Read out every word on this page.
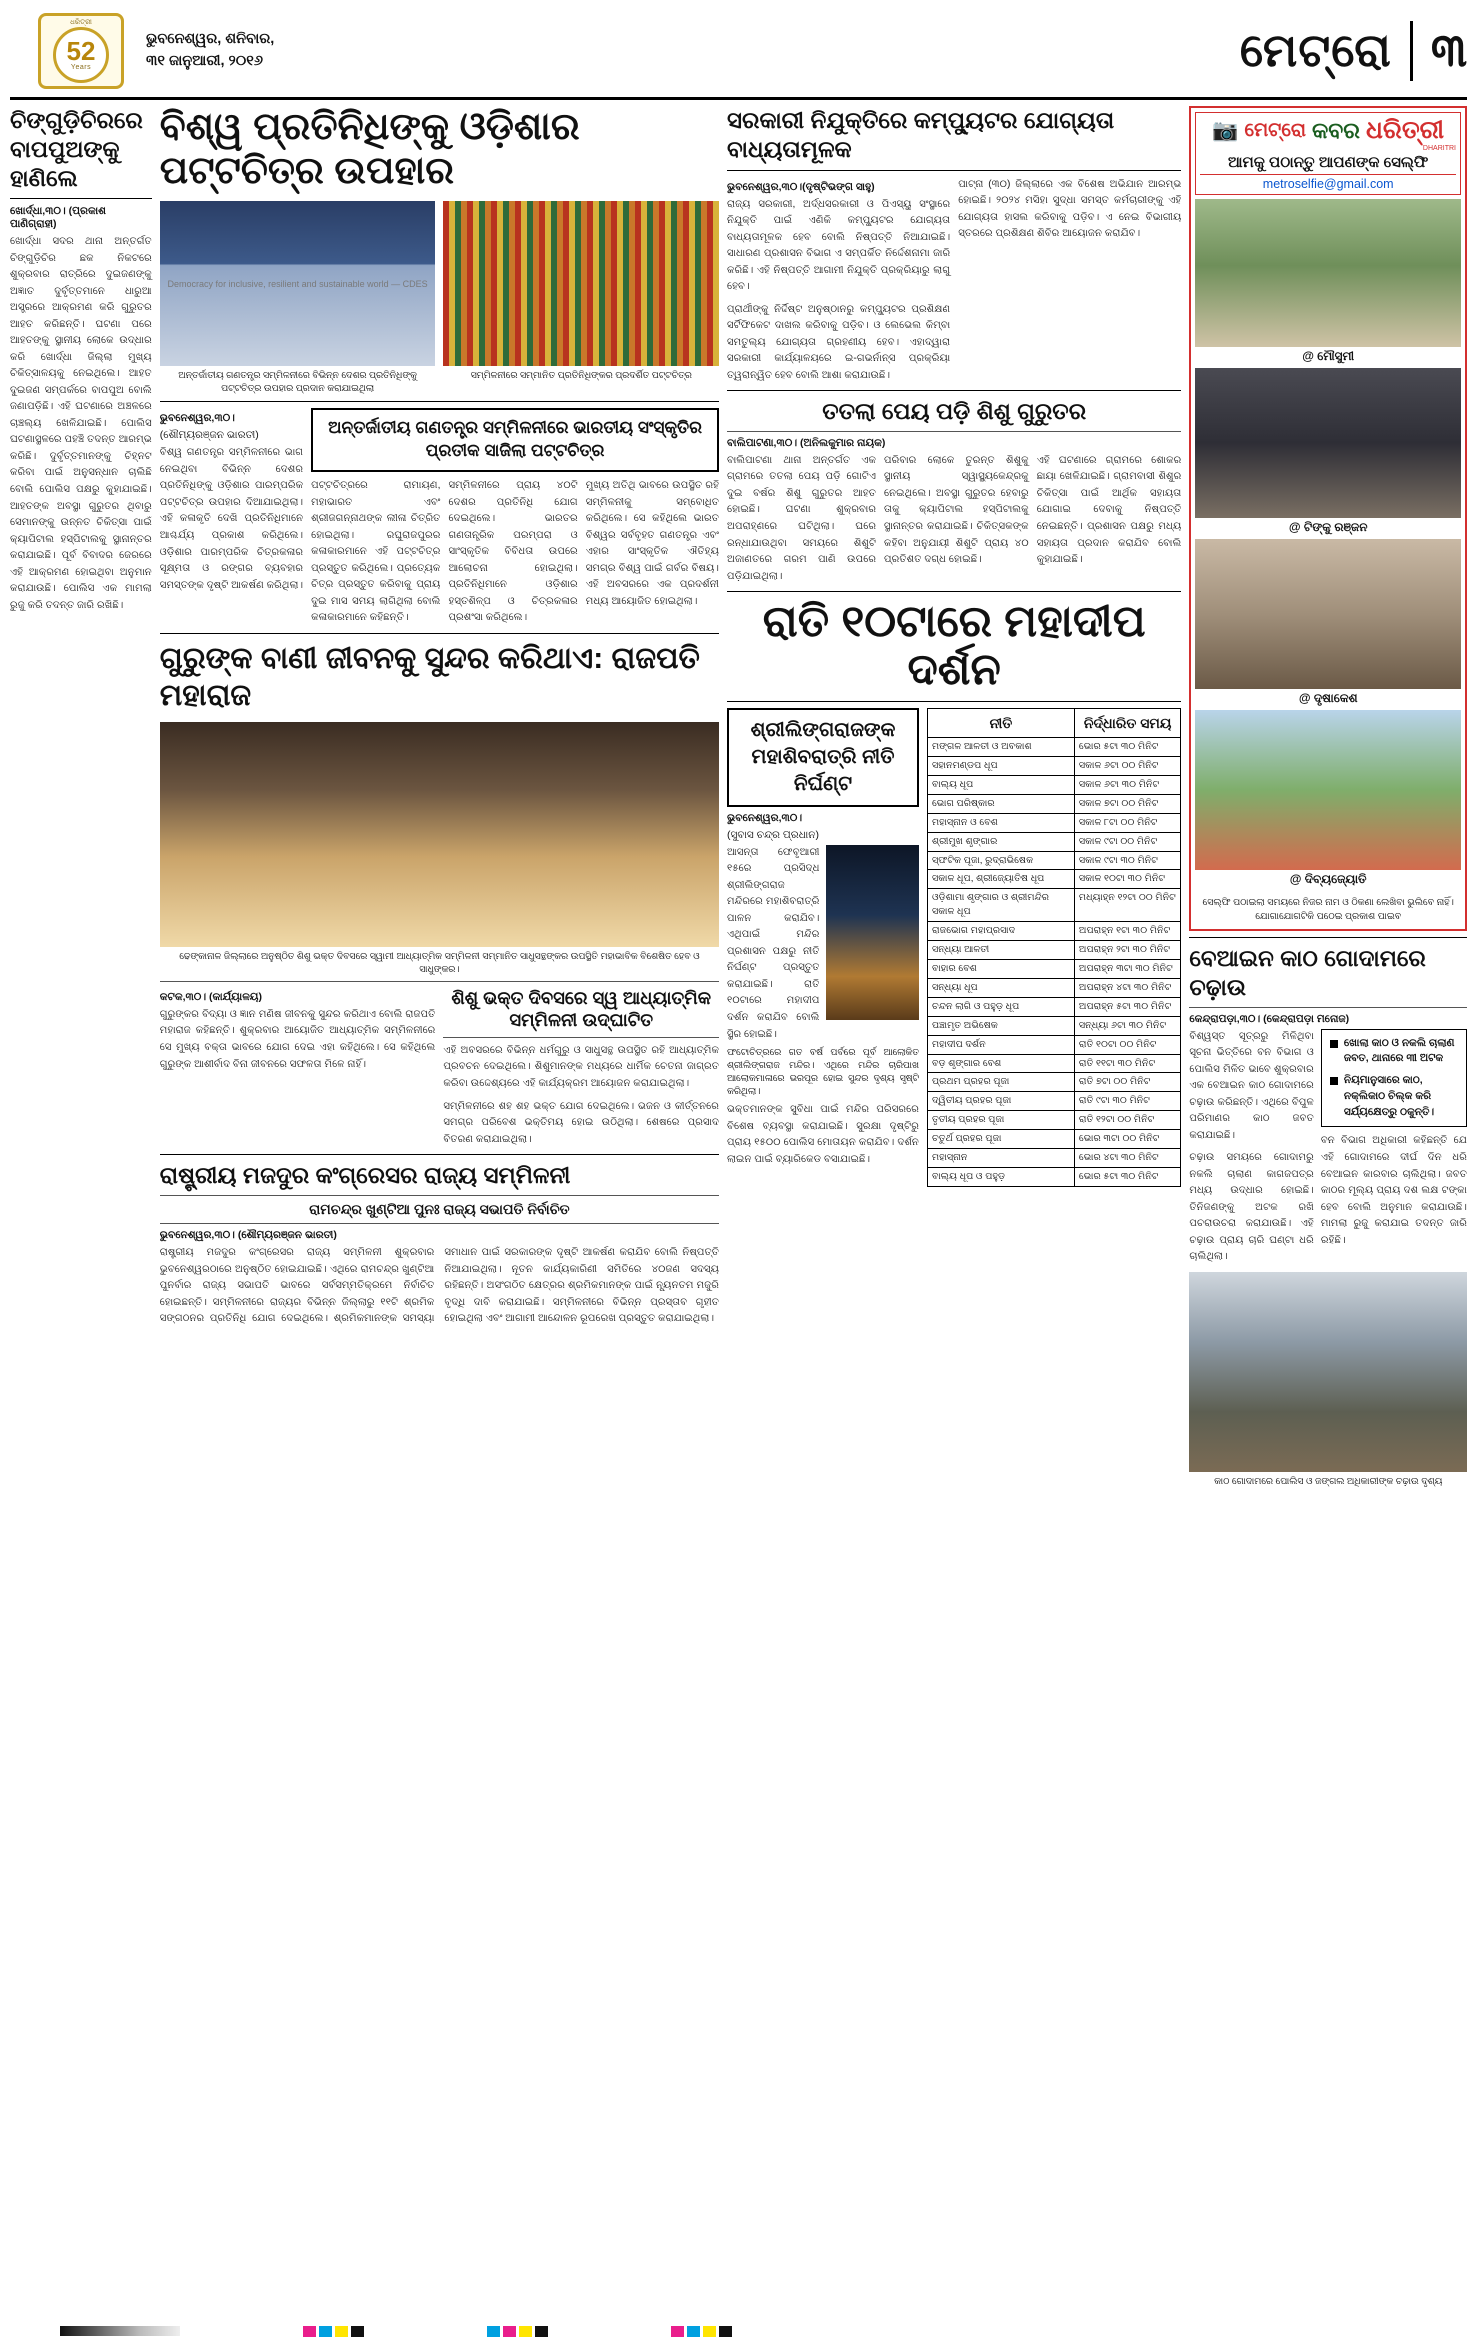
ଧରିତ୍ରୀ
52
Years
ଭୁବନେଶ୍ୱର, ଶନିବାର,
୩୧ ଜାନୁଆରୀ, ୨୦୧୬	ମେଟ୍ରୋ ୩
ଚିଙ୍ଗୁଡ଼ିଚିରରେ ବାପପୁଅଙ୍କୁ ହାଣିଲେ
ଖୋର୍ଦ୍ଧା,୩୦। (ପ୍ରକାଶ ପାଣିଗ୍ରାହୀ)
ଖୋର୍ଦ୍ଧା ସଦର ଥାନା ଅନ୍ତର୍ଗତ ଚିଙ୍ଗୁଡ଼ିଚିର ଛକ ନିକଟରେ ଶୁକ୍ରବାର ରାତ୍ରିରେ ଦୁଇଜଣଙ୍କୁ ଅଜ୍ଞାତ ଦୁର୍ବୃତ୍ତମାନେ ଧାରୁଆ ଅସ୍ତ୍ରରେ ଆକ୍ରମଣ କରି ଗୁରୁତର ଆହତ କରିଛନ୍ତି। ଘଟଣା ପରେ ଆହତଙ୍କୁ ସ୍ଥାନୀୟ ଲୋକେ ଉଦ୍ଧାର କରି ଖୋର୍ଦ୍ଧା ଜିଲ୍ଲା ମୁଖ୍ୟ ଚିକିତ୍ସାଳୟକୁ ନେଇଥିଲେ। ଆହତ ଦୁଇଜଣ ସମ୍ପର୍କରେ ବାପପୁଅ ବୋଲି ଜଣାପଡ଼ିଛି। ଏହି ଘଟଣାରେ ଅଞ୍ଚଳରେ ଚାଞ୍ଚଲ୍ୟ ଖେଳିଯାଇଛି। ପୋଲିସ ଘଟଣାସ୍ଥଳରେ ପହଞ୍ଚି ତଦନ୍ତ ଆରମ୍ଭ କରିଛି। ଦୁର୍ବୃତ୍ତମାନଙ୍କୁ ଚିହ୍ନଟ କରିବା ପାଇଁ ଅନୁସନ୍ଧାନ ଚାଲିଛି ବୋଲି ପୋଲିସ ପକ୍ଷରୁ କୁହାଯାଇଛି। ଆହତଙ୍କ ଅବସ୍ଥା ଗୁରୁତର ଥିବାରୁ ସେମାନଙ୍କୁ ଉନ୍ନତ ଚିକିତ୍ସା ପାଇଁ କ୍ୟାପିଟାଲ ହସ୍ପିଟାଲକୁ ସ୍ଥାନାନ୍ତର କରାଯାଇଛି। ପୂର୍ବ ବିବାଦର ଜେରରେ ଏହି ଆକ୍ରମଣ ହୋଇଥିବା ଅନୁମାନ କରାଯାଉଛି। ପୋଲିସ ଏକ ମାମଲା ରୁଜୁ କରି ତଦନ୍ତ ଜାରି ରଖିଛି।
ବିଶ୍ୱ ପ୍ରତିନିଧିଙ୍କୁ ଓଡ଼ିଶାର ପଟ୍ଟଚିତ୍ର ଉପହାର
Democracy for inclusive, resilient and sustainable world — CDES
ଅନ୍ତର୍ଜାତୀୟ ଗଣତନ୍ତ୍ର ସମ୍ମିଳନୀରେ ବିଭିନ୍ନ ଦେଶର ପ୍ରତିନିଧିଙ୍କୁ ପଟ୍ଟଚିତ୍ର ଉପହାର ପ୍ରଦାନ କରାଯାଇଥିଲା
ସମ୍ମିଳନୀରେ ସମ୍ମାନିତ ପ୍ରତିନିଧିଙ୍କର ପ୍ରଦର୍ଶିତ ପଟ୍ଟଚିତ୍ର
ଭୁବନେଶ୍ୱର,୩୦।
(ଶୌମ୍ୟରଞ୍ଜନ ଭାରତୀ)
ବିଶ୍ୱ ଗଣତନ୍ତ୍ର ସମ୍ମିଳନୀରେ ଭାଗ ନେଇଥିବା ବିଭିନ୍ନ ଦେଶର ପ୍ରତିନିଧିଙ୍କୁ ଓଡ଼ିଶାର ପାରମ୍ପରିକ ପଟ୍ଟଚିତ୍ର ଉପହାର ଦିଆଯାଇଥିଲା। ଏହି କଳାକୃତି ଦେଖି ପ୍ରତିନିଧିମାନେ ଆଶ୍ଚର୍ଯ୍ୟ ପ୍ରକାଶ କରିଥିଲେ। ଓଡ଼ିଶାର ପାରମ୍ପରିକ ଚିତ୍ରକଳାର ସୂକ୍ଷ୍ମତା ଓ ରଙ୍ଗର ବ୍ୟବହାର ସମସ୍ତଙ୍କ ଦୃଷ୍ଟି ଆକର୍ଷଣ କରିଥିଲା।
ଅନ୍ତର୍ଜାତୀୟ ଗଣତନ୍ତ୍ର ସମ୍ମିଳନୀରେ ଭାରତୀୟ ସଂସ୍କୃତିର ପ୍ରତୀକ ସାଜିଲା ପଟ୍ଟଚିତ୍ର
ପଟ୍ଟଚିତ୍ରରେ ରାମାୟଣ, ମହାଭାରତ ଏବଂ ଶ୍ରୀଜଗନ୍ନାଥଙ୍କ ଲୀଳା ଚିତ୍ରିତ ହୋଇଥିଲା। ରଘୁରାଜପୁରର କଳାକାରମାନେ ଏହି ପଟ୍ଟଚିତ୍ର ପ୍ରସ୍ତୁତ କରିଥିଲେ। ପ୍ରତ୍ୟେକ ଚିତ୍ର ପ୍ରସ୍ତୁତ କରିବାକୁ ପ୍ରାୟ ଦୁଇ ମାସ ସମୟ ଲାଗିଥିଲା ବୋଲି କଳାକାରମାନେ କହିଛନ୍ତି।
ସମ୍ମିଳନୀରେ ପ୍ରାୟ ୪୦ଟି ଦେଶର ପ୍ରତିନିଧି ଯୋଗ ଦେଇଥିଲେ। ଭାରତର ଗଣତାନ୍ତ୍ରିକ ପରମ୍ପରା ଓ ସାଂସ୍କୃତିକ ବିବିଧତା ଉପରେ ଆଲୋଚନା ହୋଇଥିଲା। ପ୍ରତିନିଧିମାନେ ଓଡ଼ିଶାର ହସ୍ତଶିଳ୍ପ ଓ ଚିତ୍ରକଳାର ପ୍ରଶଂସା କରିଥିଲେ।
ମୁଖ୍ୟ ଅତିଥି ଭାବରେ ଉପସ୍ଥିତ ରହି ସମ୍ମିଳନୀକୁ ସମ୍ବୋଧିତ କରିଥିଲେ। ସେ କହିଥିଲେ ଭାରତ ବିଶ୍ୱର ସର୍ବବୃହତ ଗଣତନ୍ତ୍ର ଏବଂ ଏହାର ସାଂସ୍କୃତିକ ଐତିହ୍ୟ ସମଗ୍ର ବିଶ୍ୱ ପାଇଁ ଗର୍ବର ବିଷୟ। ଏହି ଅବସରରେ ଏକ ପ୍ରଦର୍ଶନୀ ମଧ୍ୟ ଆୟୋଜିତ ହୋଇଥିଲା।
ଗୁରୁଙ୍କ ବାଣୀ ଜୀବନକୁ ସୁନ୍ଦର କରିଥାଏ: ରାଜପତି ମହାରାଜ
ଢେଙ୍କାନାଳ ଜିଲ୍ଲାରେ ଅନୁଷ୍ଠିତ ଶିଶୁ ଭକ୍ତ ଦିବସରେ ସ୍ୱାମୀ ଆଧ୍ୟାତ୍ମିକ ସମ୍ମିଳନୀ ସମ୍ମାନିତ ସାଧୁସନ୍ଥଙ୍କର ଉପସ୍ଥିତି ମହାଭାବିକ ବିଶେଷିତ ହେବ ଓ ସାଧୁଙ୍କର।
କଟକ,୩୦। (କାର୍ଯ୍ୟାଳୟ)
ଗୁରୁଙ୍କର ବିଦ୍ୟା ଓ ଜ୍ଞାନ ମଣିଷ ଜୀବନକୁ ସୁନ୍ଦର କରିଥାଏ ବୋଲି ରାଜପତି ମହାରାଜ କହିଛନ୍ତି। ଶୁକ୍ରବାର ଆୟୋଜିତ ଆଧ୍ୟାତ୍ମିକ ସମ୍ମିଳନୀରେ ସେ ମୁଖ୍ୟ ବକ୍ତା ଭାବରେ ଯୋଗ ଦେଇ ଏହା କହିଥିଲେ। ସେ କହିଥିଲେ ଗୁରୁଙ୍କ ଆଶୀର୍ବାଦ ବିନା ଜୀବନରେ ସଫଳତା ମିଳେ ନାହିଁ।
ଶିଶୁ ଭକ୍ତ ଦିବସରେ ସ୍ୱ ଆଧ୍ୟାତ୍ମିକ ସମ୍ମିଳନୀ ଉଦ୍‌ଘାଟିତ
ଏହି ଅବସରରେ ବିଭିନ୍ନ ଧର୍ମଗୁରୁ ଓ ସାଧୁସନ୍ଥ ଉପସ୍ଥିତ ରହି ଆଧ୍ୟାତ୍ମିକ ପ୍ରବଚନ ଦେଇଥିଲେ। ଶିଶୁମାନଙ୍କ ମଧ୍ୟରେ ଧାର୍ମିକ ଚେତନା ଜାଗ୍ରତ କରିବା ଉଦ୍ଦେଶ୍ୟରେ ଏହି କାର୍ଯ୍ୟକ୍ରମ ଆୟୋଜନ କରାଯାଇଥିଲା।
ସମ୍ମିଳନୀରେ ଶହ ଶହ ଭକ୍ତ ଯୋଗ ଦେଇଥିଲେ। ଭଜନ ଓ କୀର୍ତ୍ତନରେ ସମଗ୍ର ପରିବେଶ ଭକ୍ତିମୟ ହୋଇ ଉଠିଥିଲା। ଶେଷରେ ପ୍ରସାଦ ବିତରଣ କରାଯାଇଥିଲା।
ରାଷ୍ଟ୍ରୀୟ ମଜଦୁର କଂଗ୍ରେସର ରାଜ୍ୟ ସମ୍ମିଳନୀ
ରାମଚନ୍ଦ୍ର ଖୁଣ୍ଟିଆ ପୁନଃ ରାଜ୍ୟ ସଭାପତି ନିର୍ବାଚିତ
ଭୁବନେଶ୍ୱର,୩୦। (ଶୌମ୍ୟରଞ୍ଜନ ଭାରତୀ)
ରାଷ୍ଟ୍ରୀୟ ମଜଦୁର କଂଗ୍ରେସର ରାଜ୍ୟ ସମ୍ମିଳନୀ ଶୁକ୍ରବାର ଭୁବନେଶ୍ୱରଠାରେ ଅନୁଷ୍ଠିତ ହୋଇଯାଇଛି। ଏଥିରେ ରାମଚନ୍ଦ୍ର ଖୁଣ୍ଟିଆ ପୁନର୍ବାର ରାଜ୍ୟ ସଭାପତି ଭାବରେ ସର୍ବସମ୍ମତିକ୍ରମେ ନିର୍ବାଚିତ ହୋଇଛନ୍ତି। ସମ୍ମିଳନୀରେ ରାଜ୍ୟର ବିଭିନ୍ନ ଜିଲ୍ଲାରୁ ୧୧ଟି ଶ୍ରମିକ ସଙ୍ଗଠନର ପ୍ରତିନିଧି ଯୋଗ ଦେଇଥିଲେ। ଶ୍ରମିକମାନଙ୍କ ସମସ୍ୟା ସମାଧାନ ପାଇଁ ସରକାରଙ୍କ ଦୃଷ୍ଟି ଆକର୍ଷଣ କରାଯିବ ବୋଲି ନିଷ୍ପତ୍ତି ନିଆଯାଇଥିଲା। ନୂତନ କାର୍ଯ୍ୟକାରିଣୀ ସମିତିରେ ୪୦ଜଣ ସଦସ୍ୟ ରହିଛନ୍ତି। ଅସଂଗଠିତ କ୍ଷେତ୍ରର ଶ୍ରମିକମାନଙ୍କ ପାଇଁ ନ୍ୟୂନତମ ମଜୁରି ବୃଦ୍ଧି ଦାବି କରାଯାଇଛି। ସମ୍ମିଳନୀରେ ବିଭିନ୍ନ ପ୍ରସ୍ତାବ ଗୃହୀତ ହୋଇଥିଲା ଏବଂ ଆଗାମୀ ଆନ୍ଦୋଳନ ରୂପରେଖ ପ୍ରସ୍ତୁତ କରାଯାଇଥିଲା।
ସରକାରୀ ନିଯୁକ୍ତିରେ କମ୍ପ୍ୟୁଟର ଯୋଗ୍ୟତା ବାଧ୍ୟତାମୂଳକ
ଭୁବନେଶ୍ୱର,୩୦।(ଦୃଷ୍ଟିଭଙ୍ଗ ସାହୁ)
ରାଜ୍ୟ ସରକାରୀ, ଅର୍ଦ୍ଧସରକାରୀ ଓ ପିଏସ୍‌ୟୁ ସଂସ୍ଥାରେ ନିଯୁକ୍ତି ପାଇଁ ଏଣିକି କମ୍ପ୍ୟୁଟର ଯୋଗ୍ୟତା ବାଧ୍ୟତାମୂଳକ ହେବ ବୋଲି ନିଷ୍ପତ୍ତି ନିଆଯାଇଛି। ସାଧାରଣ ପ୍ରଶାସନ ବିଭାଗ ଏ ସମ୍ପର୍କିତ ନିର୍ଦ୍ଦେଶନାମା ଜାରି କରିଛି। ଏହି ନିଷ୍ପତ୍ତି ଆଗାମୀ ନିଯୁକ୍ତି ପ୍ରକ୍ରିୟାରୁ ଲାଗୁ ହେବ।
ପ୍ରାର୍ଥୀଙ୍କୁ ନିର୍ଦ୍ଦିଷ୍ଟ ଅନୁଷ୍ଠାନରୁ କମ୍ପ୍ୟୁଟର ପ୍ରଶିକ୍ଷଣ ସର୍ଟିଫିକେଟ ଦାଖଲ କରିବାକୁ ପଡ଼ିବ। ଓ ଲେଭେଲ କିମ୍ବା ସମତୁଲ୍ୟ ଯୋଗ୍ୟତା ଗ୍ରହଣୀୟ ହେବ। ଏହାଦ୍ୱାରା ସରକାରୀ କାର୍ଯ୍ୟାଳୟରେ ଇ-ଗଭର୍ନାନ୍ସ ପ୍ରକ୍ରିୟା ତ୍ୱରାନ୍ୱିତ ହେବ ବୋଲି ଆଶା କରାଯାଉଛି।
ପାଟ୍‌ନା (୩୦) ଜିଲ୍ଲାରେ ଏକ ବିଶେଷ ଅଭିଯାନ ଆରମ୍ଭ ହୋଇଛି। ୨୦୨୪ ମସିହା ସୁଦ୍ଧା ସମସ୍ତ କର୍ମଚାରୀଙ୍କୁ ଏହି ଯୋଗ୍ୟତା ହାସଲ କରିବାକୁ ପଡ଼ିବ। ଏ ନେଇ ବିଭାଗୀୟ ସ୍ତରରେ ପ୍ରଶିକ୍ଷଣ ଶିବିର ଆୟୋଜନ କରାଯିବ।
ତତଲା ପେୟ ପଡ଼ି ଶିଶୁ ଗୁରୁତର
ବାଲିପାଟଣା,୩୦। (ଅନିଲକୁମାର ନାୟକ)
ବାଲିପାଟଣା ଥାନା ଅନ୍ତର୍ଗତ ଏକ ଗ୍ରାମରେ ତତଲା ପେୟ ପଡ଼ି ଗୋଟିଏ ଦୁଇ ବର୍ଷର ଶିଶୁ ଗୁରୁତର ଆହତ ହୋଇଛି। ଘଟଣା ଶୁକ୍ରବାର ଅପରାହ୍ଣରେ ଘଟିଥିଲା। ଘରେ ରନ୍ଧାଯାଉଥିବା ସମୟରେ ଶିଶୁଟି ଅଜାଣତରେ ଗରମ ପାଣି ଉପରେ ପଡ଼ିଯାଇଥିଲା।
ପରିବାର ଲୋକେ ତୁରନ୍ତ ଶିଶୁକୁ ସ୍ଥାନୀୟ ସ୍ୱାସ୍ଥ୍ୟକେନ୍ଦ୍ରକୁ ନେଇଥିଲେ। ଅବସ୍ଥା ଗୁରୁତର ହେବାରୁ ତାକୁ କ୍ୟାପିଟାଲ ହସ୍ପିଟାଲକୁ ସ୍ଥାନାନ୍ତର କରାଯାଇଛି। ଚିକିତ୍ସକଙ୍କ କହିବା ଅନୁଯାୟୀ ଶିଶୁଟି ପ୍ରାୟ ୪୦ ପ୍ରତିଶତ ଦଗ୍ଧ ହୋଇଛି।
ଏହି ଘଟଣାରେ ଗ୍ରାମରେ ଶୋକର ଛାୟା ଖେଳିଯାଇଛି। ଗ୍ରାମବାସୀ ଶିଶୁର ଚିକିତ୍ସା ପାଇଁ ଆର୍ଥିକ ସହାୟତା ଯୋଗାଇ ଦେବାକୁ ନିଷ୍ପତ୍ତି ନେଇଛନ୍ତି। ପ୍ରଶାସନ ପକ୍ଷରୁ ମଧ୍ୟ ସହାୟତା ପ୍ରଦାନ କରାଯିବ ବୋଲି କୁହାଯାଇଛି।
ରାତି ୧୦ଟାରେ ମହାଦୀପ ଦର୍ଶନ
ଶ୍ରୀଲିଙ୍ଗରାଜଙ୍କ ମହାଶିବରାତ୍ରି ନୀତି ନିର୍ଘଣ୍ଟ
ଭୁବନେଶ୍ୱର,୩୦।
(ସୁବାସ ଚନ୍ଦ୍ର ପ୍ରଧାନ)
ଆସନ୍ତା ଫେବୃଆରୀ ୧୫ରେ ପ୍ରସିଦ୍ଧ ଶ୍ରୀଲିଙ୍ଗରାଜ ମନ୍ଦିରରେ ମହାଶିବରାତ୍ରି ପାଳନ କରାଯିବ। ଏଥିପାଇଁ ମନ୍ଦିର ପ୍ରଶାସନ ପକ୍ଷରୁ ନୀତି ନିର୍ଘଣ୍ଟ ପ୍ରସ୍ତୁତ କରାଯାଇଛି। ରାତି ୧୦ଟାରେ ମହାଦୀପ ଦର୍ଶନ କରାଯିବ ବୋଲି ସ୍ଥିର ହୋଇଛି।
ଫଟୋଚିତ୍ରରେ ଗତ ବର୍ଷ ପର୍ବରେ ପୂର୍ବ ଆଲୋକିତ ଶ୍ରୀଲିଙ୍ଗରାଜ ମନ୍ଦିର। ଏଥିରେ ମନ୍ଦିର ଚାରିପାଖ ଆଲୋକମାଳାରେ ଭରପୂର ହୋଇ ସୁନ୍ଦର ଦୃଶ୍ୟ ସୃଷ୍ଟି କରିଥିଲା।
ଭକ୍ତମାନଙ୍କ ସୁବିଧା ପାଇଁ ମନ୍ଦିର ପରିସରରେ ବିଶେଷ ବ୍ୟବସ୍ଥା କରାଯାଇଛି। ସୁରକ୍ଷା ଦୃଷ୍ଟିରୁ ପ୍ରାୟ ୧୫୦୦ ପୋଲିସ ମୋତାୟନ କରାଯିବ। ଦର୍ଶନ ଲାଇନ ପାଇଁ ବ୍ୟାରିକେଡ ବସାଯାଇଛି।
ନୀତି	ନିର୍ଦ୍ଧାରିତ ସମୟ
ମଙ୍ଗଳ ଆଳତୀ ଓ ଅବକାଶ	ଭୋର ୫ଟା ୩୦ ମିନିଟ
ସହାନମଣ୍ଡପ ଧୂପ	ସକାଳ ୬ଟା ୦୦ ମିନିଟ
ବାଲ୍ୟ ଧୂପ	ସକାଳ ୬ଟା ୩୦ ମିନିଟ
ଭୋଗ ପରିଷ୍କାର	ସକାଳ ୭ଟା ୦୦ ମିନିଟ
ମହାସ୍ନାନ ଓ ବେଶ	ସକାଳ ୮ଟା ୦୦ ମିନିଟ
ଶ୍ରୀମୁଖ ଶୃଙ୍ଗାର	ସକାଳ ୯ଟା ୦୦ ମିନିଟ
ସ୍ଫଟିକ ପୂଜା, ରୁଦ୍ରାଭିଷେକ	ସକାଳ ୯ଟା ୩୦ ମିନିଟ
ସକାଳ ଧୂପ, ଶ୍ରୀଜ୍ୟୋତିଷ ଧୂପ	ସକାଳ ୧୦ଟା ୩୦ ମିନିଟ
ଓଡ଼ିଶାମା ଶୃଙ୍ଗାର ଓ ଶ୍ରୀମନ୍ଦିର ସକାଳ ଧୂପ	ମଧ୍ୟାହ୍ନ ୧୨ଟା ୦୦ ମିନିଟ
ରାଜଭୋଗ ମହାପ୍ରସାଦ	ଅପରାହ୍ନ ୧ଟା ୩୦ ମିନିଟ
ସନ୍ଧ୍ୟା ଆଳତୀ	ଅପରାହ୍ନ ୨ଟା ୩୦ ମିନିଟ
ବାହାର ବେଶ	ଅପରାହ୍ନ ୩ଟା ୩୦ ମିନିଟ
ସନ୍ଧ୍ୟା ଧୂପ	ଅପରାହ୍ନ ୪ଟା ୩୦ ମିନିଟ
ଚନ୍ଦନ ଲାଗି ଓ ପହୁଡ଼ ଧୂପ	ଅପରାହ୍ନ ୫ଟା ୩୦ ମିନିଟ
ପଞ୍ଚାମୃତ ଅଭିଷେକ	ସନ୍ଧ୍ୟା ୬ଟା ୩୦ ମିନିଟ
ମହାଦୀପ ଦର୍ଶନ	ରାତି ୧୦ଟା ୦୦ ମିନିଟ
ବଡ଼ ଶୃଙ୍ଗାର ବେଶ	ରାତି ୧୧ଟା ୩୦ ମିନିଟ
ପ୍ରଥମ ପ୍ରହର ପୂଜା	ରାତି ୭ଟା ୦୦ ମିନିଟ
ଦ୍ୱିତୀୟ ପ୍ରହର ପୂଜା	ରାତି ୯ଟା ୩୦ ମିନିଟ
ତୃତୀୟ ପ୍ରହର ପୂଜା	ରାତି ୧୨ଟା ୦୦ ମିନିଟ
ଚତୁର୍ଥ ପ୍ରହର ପୂଜା	ଭୋର ୩ଟା ୦୦ ମିନିଟ
ମହାସ୍ନାନ	ଭୋର ୪ଟା ୩୦ ମିନିଟ
ବାଲ୍ୟ ଧୂପ ଓ ପହୁଡ଼	ଭୋର ୫ଟା ୩୦ ମିନିଟ
📷 ମେଟ୍ରୋ କବର ଧରିତ୍ରୀ
DHARITRI
ଆମକୁ ପଠାନ୍ତୁ ଆପଣଙ୍କ ସେଲ୍‌ଫି
metroselfie@gmail.com
@ ମୌସୁମୀ
@ ଟିଙ୍କୁ ରଞ୍ଜନ
@ ଦୃଷାକେଶ
@ ଦିବ୍ୟଜ୍ୟୋତି
ସେଲ୍‌ଫି ପଠାଇଲା ସମୟରେ ନିଜର ନାମ ଓ ଠିକଣା ଲେଖିବା ଭୁଲିବେ ନାହିଁ। ଯୋଗାଯୋଗଟିକି ପଠେଇ ପ୍ରକାଶ ପାଇବ
ବେଆଇନ କାଠ ଗୋଦାମରେ ଚଢ଼ାଉ
କେନ୍ଦ୍ରାପଡ଼ା,୩୦। (କେନ୍ଦ୍ରାପଡ଼ା ମନୋଜ)
ବିଶ୍ୱସ୍ତ ସୂତ୍ରରୁ ମିଳିଥିବା ସୂଚନା ଭିତ୍ତିରେ ବନ ବିଭାଗ ଓ ପୋଲିସ ମିଳିତ ଭାବେ ଶୁକ୍ରବାର ଏକ ବେଆଇନ କାଠ ଗୋଦାମରେ ଚଢ଼ାଉ କରିଛନ୍ତି। ଏଥିରେ ବିପୁଳ ପରିମାଣର କାଠ ଜବତ କରାଯାଇଛି।
ଚଢ଼ାଉ ସମୟରେ ଗୋଦାମରୁ ନକଲି ଚାଲାଣ କାଗଜପତ୍ର ମଧ୍ୟ ଉଦ୍ଧାର ହୋଇଛି। ତିନିଜଣଙ୍କୁ ଅଟକ ରଖି ପଚରାଉଚରା କରାଯାଉଛି। ଏହି ଚଢ଼ାଉ ପ୍ରାୟ ଚାରି ଘଣ୍ଟା ଧରି ଚାଲିଥିଲା।
ଖୋଲା କାଠ ଓ ନକଲି ଚାଲାଣ ଜବତ, ଥାନାରେ ୩ୀ ଅଟକ
ନିୟମାନୁସାରେ କାଠ, ନକ୍‌ଲିକାଠ ଚିଲ୍‌କ କରି ସର୍ଯ୍ୟକ୍ଷେତ୍ରୁ ଠକୁନ୍ତି।
ବନ ବିଭାଗ ଅଧିକାରୀ କହିଛନ୍ତି ଯେ ଏହି ଗୋଦାମରେ ଦୀର୍ଘ ଦିନ ଧରି ବେଆଇନ କାରବାର ଚାଲିଥିଲା। ଜବତ କାଠର ମୂଲ୍ୟ ପ୍ରାୟ ଦଶ ଲକ୍ଷ ଟଙ୍କା ହେବ ବୋଲି ଅନୁମାନ କରାଯାଉଛି। ମାମଲା ରୁଜୁ କରାଯାଇ ତଦନ୍ତ ଜାରି ରହିଛି।
କାଠ ଗୋଦାମରେ ପୋଲିସ ଓ ଜଙ୍ଗଲ ଅଧିକାରୀଙ୍କ ଚଢ଼ାଉ ଦୃଶ୍ୟ
